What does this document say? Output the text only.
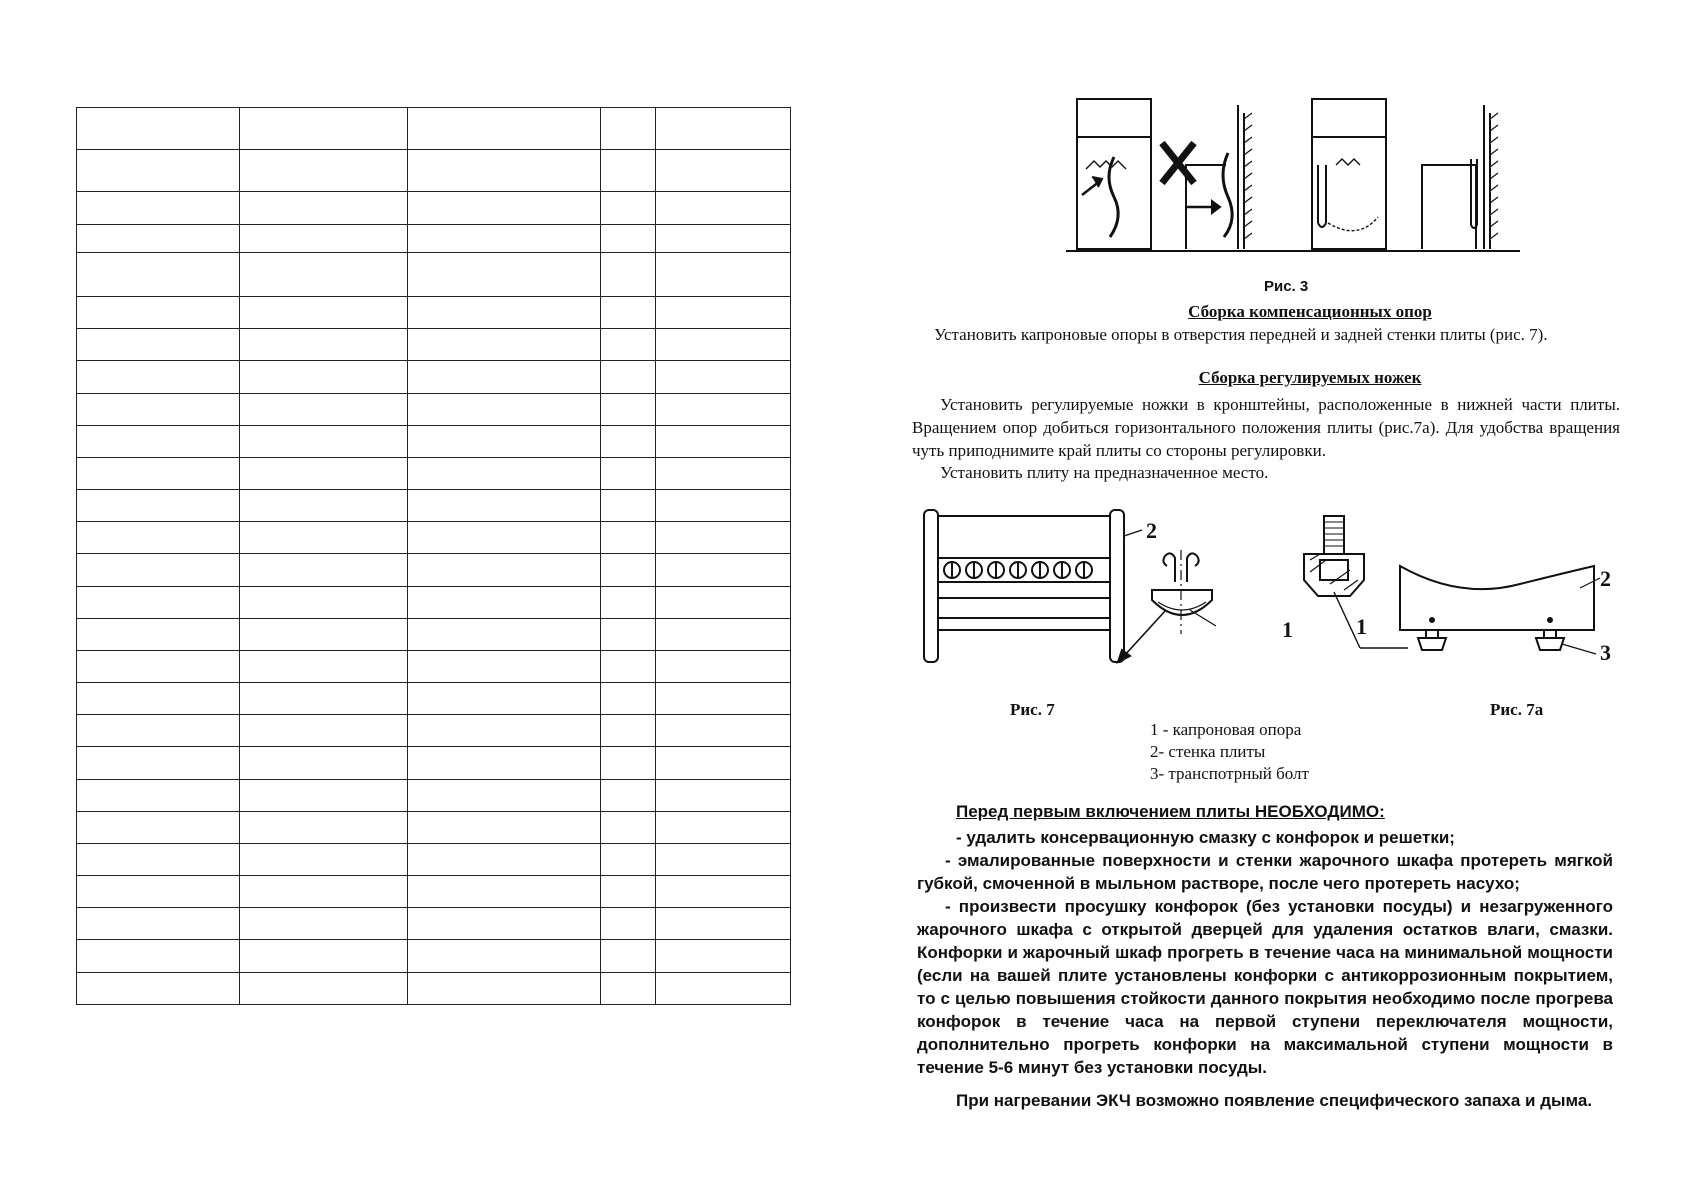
Рис. 3
Сборка компенсационных опор
Установить капроновые опоры в отверстия передней и задней стенки плиты (рис. 7).
Сборка регулируемых ножек
Установить регулируемые ножки в кронштейны, расположенные в нижней части плиты. Вращением опор добиться горизонтального положения плиты (рис.7а). Для удобства вращения чуть приподнимите край плиты со стороны регулировки.
Установить плиту на предназначенное место.
2
1	1
2
3
Рис. 7	Рис. 7а
1 - капроновая опора
2- стенка плиты
3- транспотрный болт
Перед первым включением плиты НЕОБХОДИМО:
- удалить консервационную смазку с конфорок и решетки;
- эмалированные поверхности и стенки жарочного шкафа протереть мягкой губкой, смоченной в мыльном растворе, после чего протереть насухо;
- произвести просушку конфорок (без установки посуды) и незагруженного жарочного шкафа с открытой дверцей для удаления остатков влаги, смазки. Конфорки и жарочный шкаф прогреть в течение часа на минимальной мощности (если на вашей плите установлены конфорки с антикоррозионным покрытием, то с целью повышения стойкости данного покрытия необходимо после прогрева конфорок в течение часа на первой ступени переключателя мощности, дополнительно прогреть конфорки на максимальной ступени мощности в течение 5-6 минут без установки посуды.
При нагревании ЭКЧ возможно появление специфического запаха и дыма.
